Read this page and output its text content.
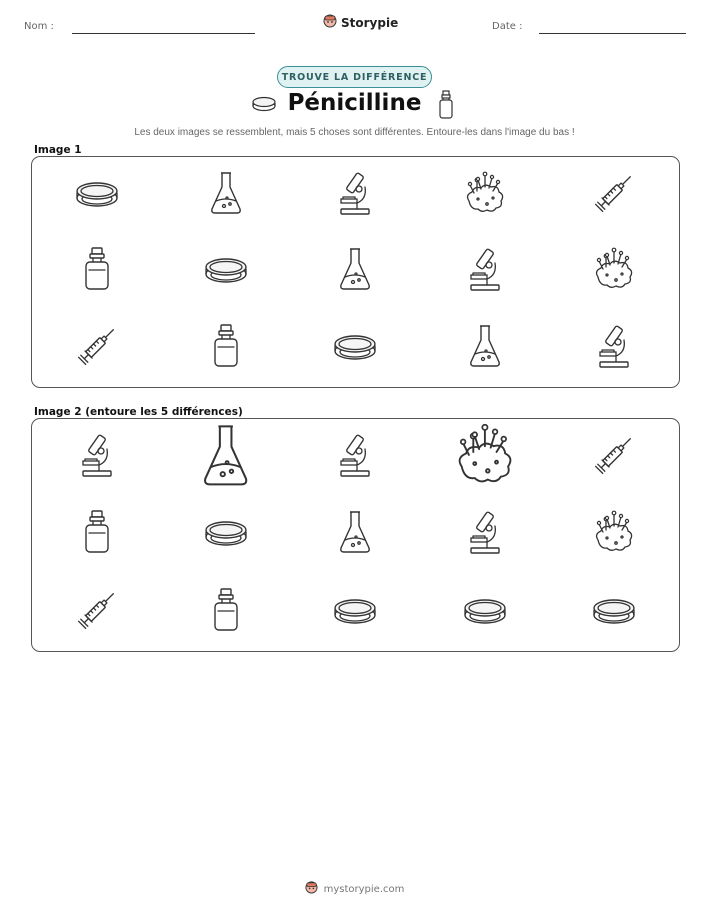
Nom :	Storypie	Date :
TROUVE LA DIFFÉRENCE
Pénicilline
Les deux images se ressemblent, mais 5 choses sont différentes. Entoure-les dans l'image du bas !
Image 1
Image 2 (entoure les 5 différences)
mystorypie.com
